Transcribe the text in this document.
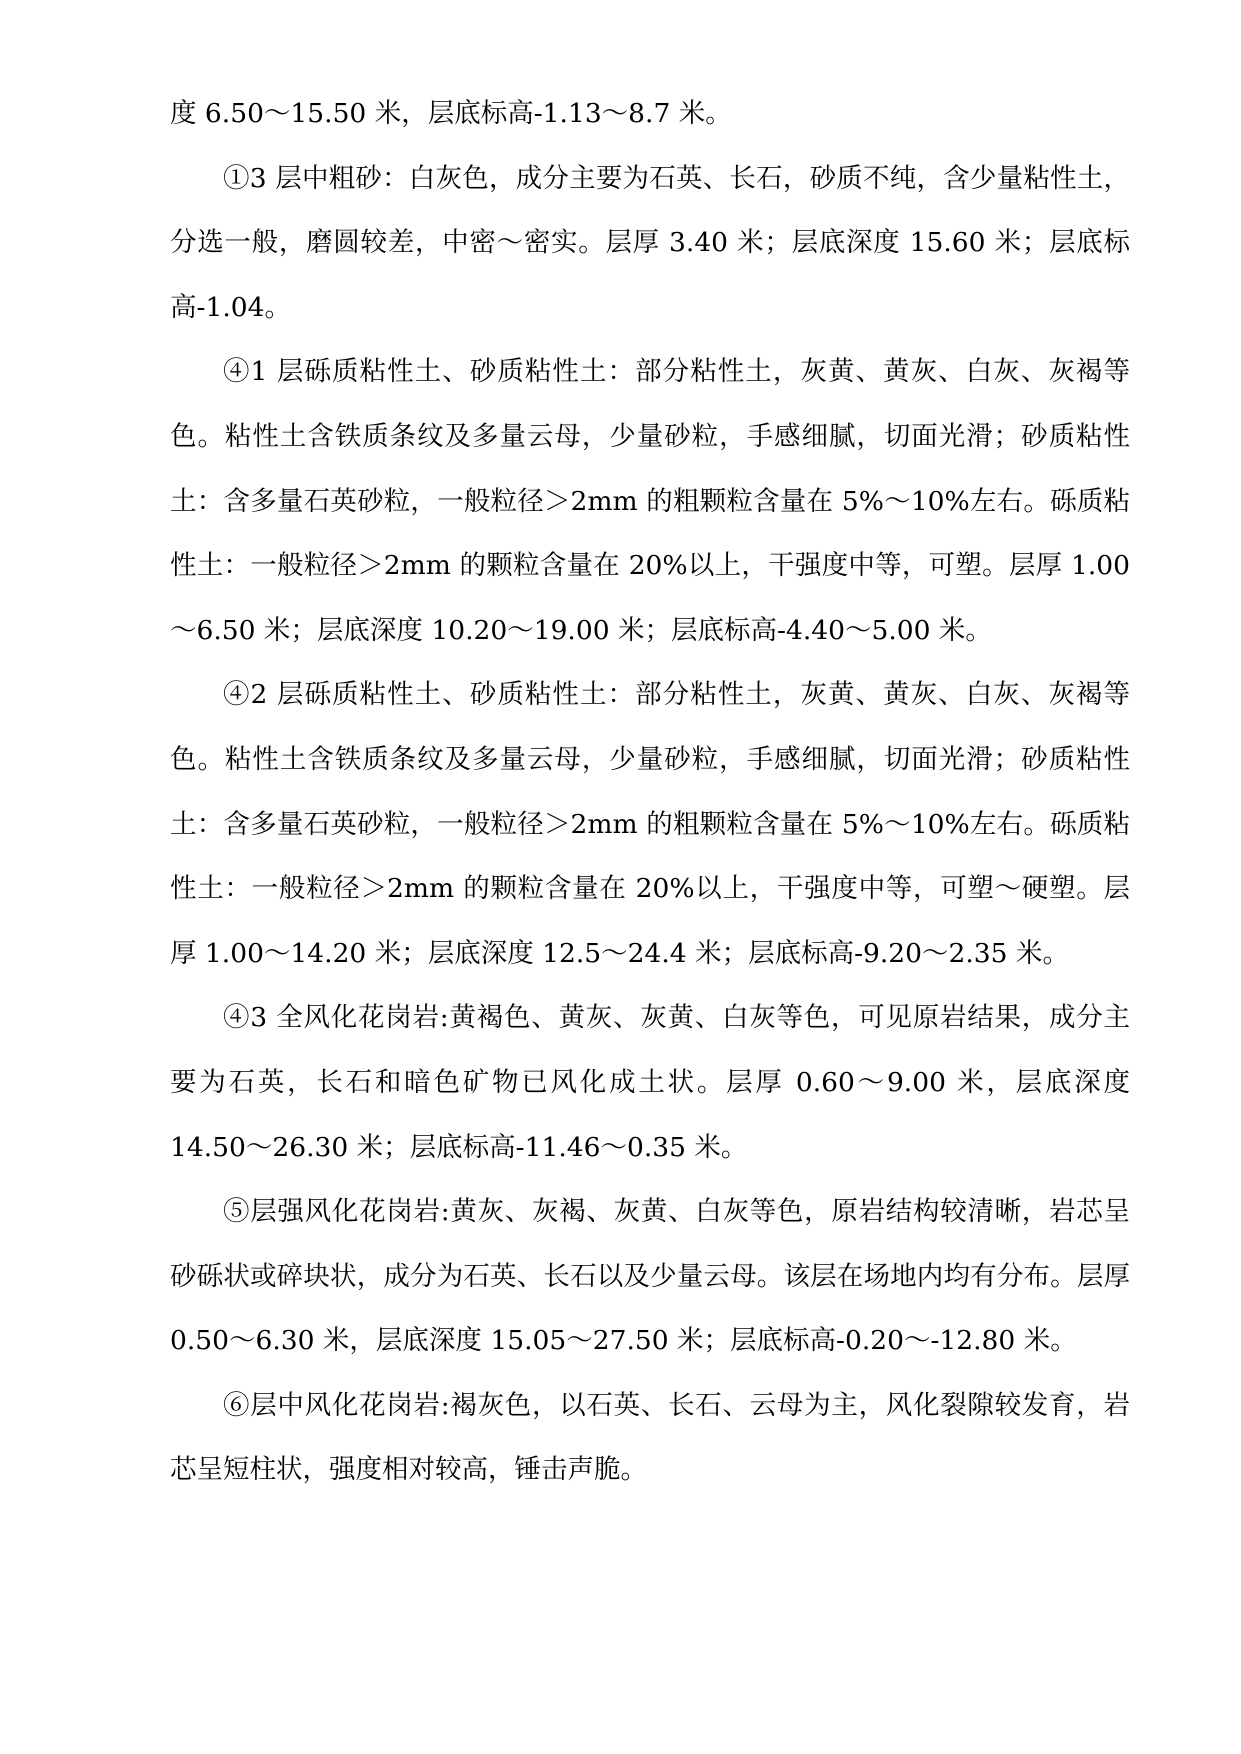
度 6.50～15.50 米，层底标高-1.13～8.7 米。

①3 层中粗砂：白灰色，成分主要为石英、长石，砂质不纯，含少量粘性土，分选一般，磨圆较差，中密～密实。层厚 3.40 米；层底深度 15.60 米；层底标高-1.04。

④1 层砾质粘性土、砂质粘性土：部分粘性土，灰黄、黄灰、白灰、灰褐等色。粘性土含铁质条纹及多量云母，少量砂粒，手感细腻，切面光滑；砂质粘性土：含多量石英砂粒，一般粒径＞2mm 的粗颗粒含量在 5%～10%左右。砾质粘性土：一般粒径＞2mm 的颗粒含量在 20%以上，干强度中等，可塑。层厚 1.00～6.50 米；层底深度 10.20～19.00 米；层底标高-4.40～5.00 米。

④2 层砾质粘性土、砂质粘性土：部分粘性土，灰黄、黄灰、白灰、灰褐等色。粘性土含铁质条纹及多量云母，少量砂粒，手感细腻，切面光滑；砂质粘性土：含多量石英砂粒，一般粒径＞2mm 的粗颗粒含量在 5%～10%左右。砾质粘性土：一般粒径＞2mm 的颗粒含量在 20%以上，干强度中等，可塑～硬塑。层厚 1.00～14.20 米；层底深度 12.5～24.4 米；层底标高-9.20～2.35 米。

④3 全风化花岗岩:黄褐色、黄灰、灰黄、白灰等色，可见原岩结果，成分主要为石英，长石和暗色矿物已风化成土状。层厚 0.60～9.00 米，层底深度 14.50～26.30 米；层底标高-11.46～0.35 米。

⑤层强风化花岗岩:黄灰、灰褐、灰黄、白灰等色，原岩结构较清晰，岩芯呈砂砾状或碎块状，成分为石英、长石以及少量云母。该层在场地内均有分布。层厚 0.50～6.30 米，层底深度 15.05～27.50 米；层底标高-0.20～-12.80 米。

⑥层中风化花岗岩:褐灰色，以石英、长石、云母为主，风化裂隙较发育，岩芯呈短柱状，强度相对较高，锤击声脆。
